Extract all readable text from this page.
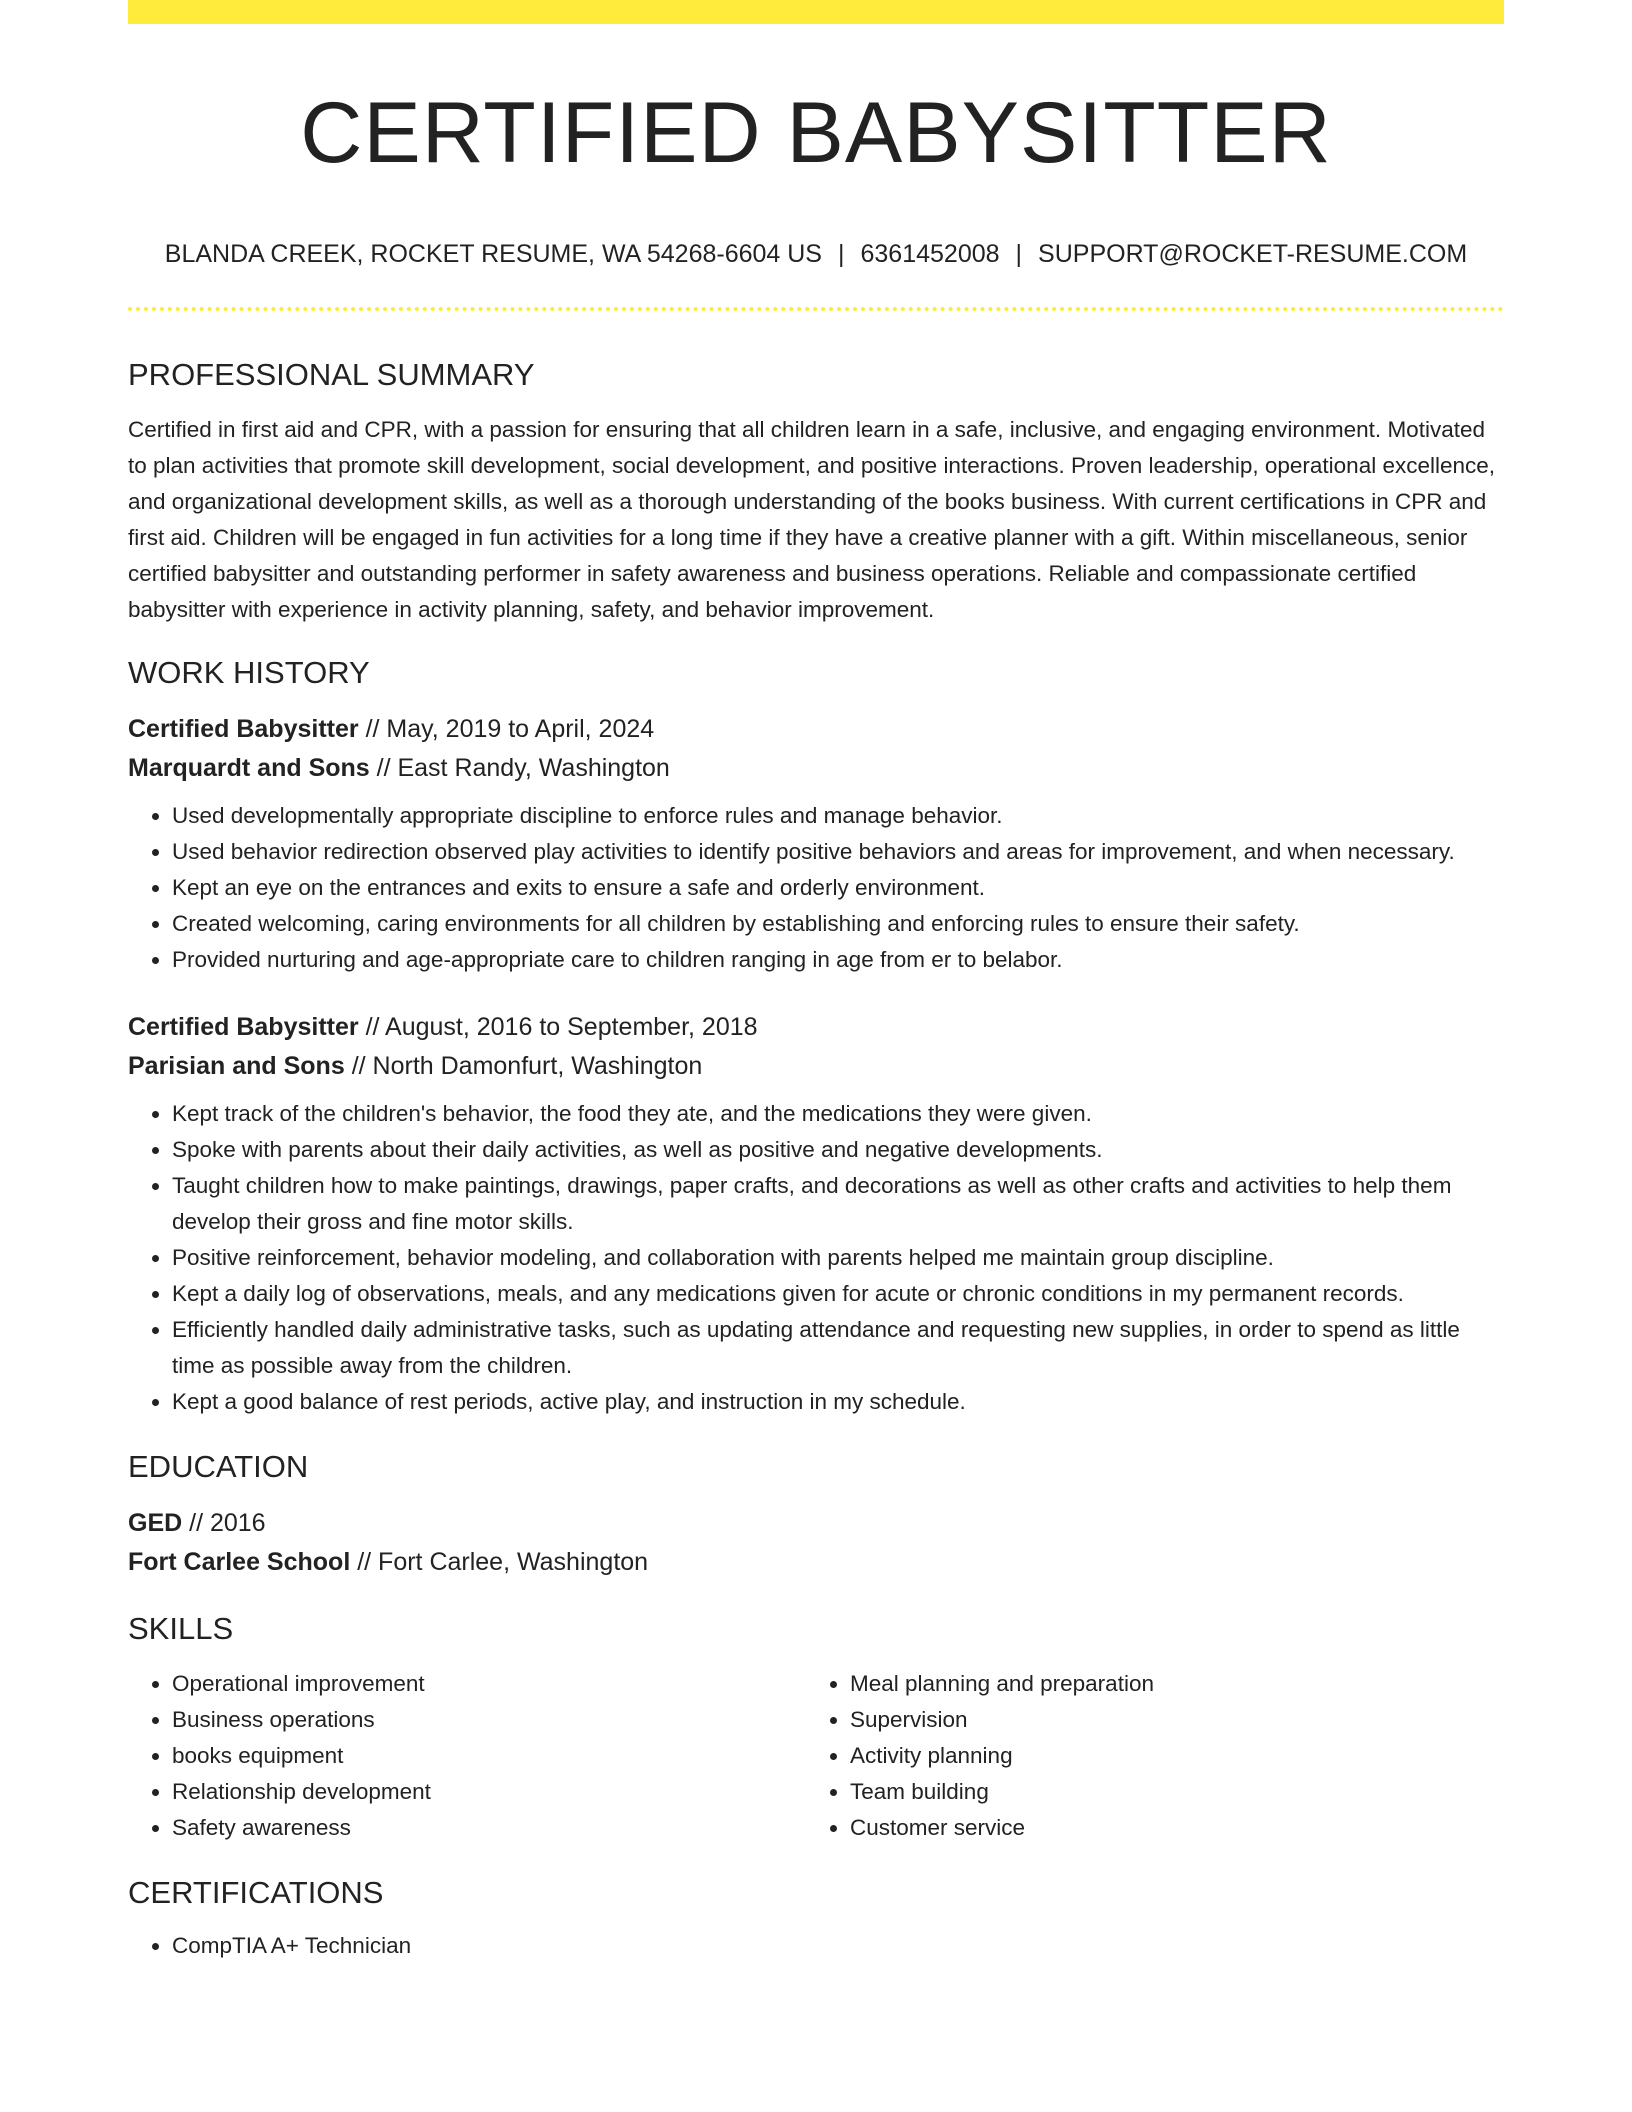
CERTIFIED BABYSITTER
BLANDA CREEK, ROCKET RESUME, WA 54268-6604 US | 6361452008 | SUPPORT@ROCKET-RESUME.COM
PROFESSIONAL SUMMARY

Certified in first aid and CPR, with a passion for ensuring that all children learn in a safe, inclusive, and engaging environment. Motivated to plan activities that promote skill development, social development, and positive interactions. Proven leadership, operational excellence, and organizational development skills, as well as a thorough understanding of the books business. With current certifications in CPR and first aid. Children will be engaged in fun activities for a long time if they have a creative planner with a gift. Within miscellaneous, senior certified babysitter and outstanding performer in safety awareness and business operations. Reliable and compassionate certified babysitter with experience in activity planning, safety, and behavior improvement.

WORK HISTORY
Certified Babysitter // May, 2019 to April, 2024
Marquardt and Sons // East Randy, Washington
• Used developmentally appropriate discipline to enforce rules and manage behavior.
• Used behavior redirection observed play activities to identify positive behaviors and areas for improvement, and when necessary.
• Kept an eye on the entrances and exits to ensure a safe and orderly environment.
• Created welcoming, caring environments for all children by establishing and enforcing rules to ensure their safety.
• Provided nurturing and age-appropriate care to children ranging in age from er to belabor.
Certified Babysitter // August, 2016 to September, 2018
Parisian and Sons // North Damonfurt, Washington
• Kept track of the children's behavior, the food they ate, and the medications they were given.
• Spoke with parents about their daily activities, as well as positive and negative developments.
• Taught children how to make paintings, drawings, paper crafts, and decorations as well as other crafts and activities to help them develop their gross and fine motor skills.
• Positive reinforcement, behavior modeling, and collaboration with parents helped me maintain group discipline.
• Kept a daily log of observations, meals, and any medications given for acute or chronic conditions in my permanent records.
• Efficiently handled daily administrative tasks, such as updating attendance and requesting new supplies, in order to spend as little time as possible away from the children.
• Kept a good balance of rest periods, active play, and instruction in my schedule.
EDUCATION
GED // 2016
Fort Carlee School // Fort Carlee, Washington
SKILLS
• Operational improvement
• Business operations
• books equipment
• Relationship development
• Safety awareness
• Meal planning and preparation
• Supervision
• Activity planning
• Team building
• Customer service
CERTIFICATIONS
• CompTIA A+ Technician
